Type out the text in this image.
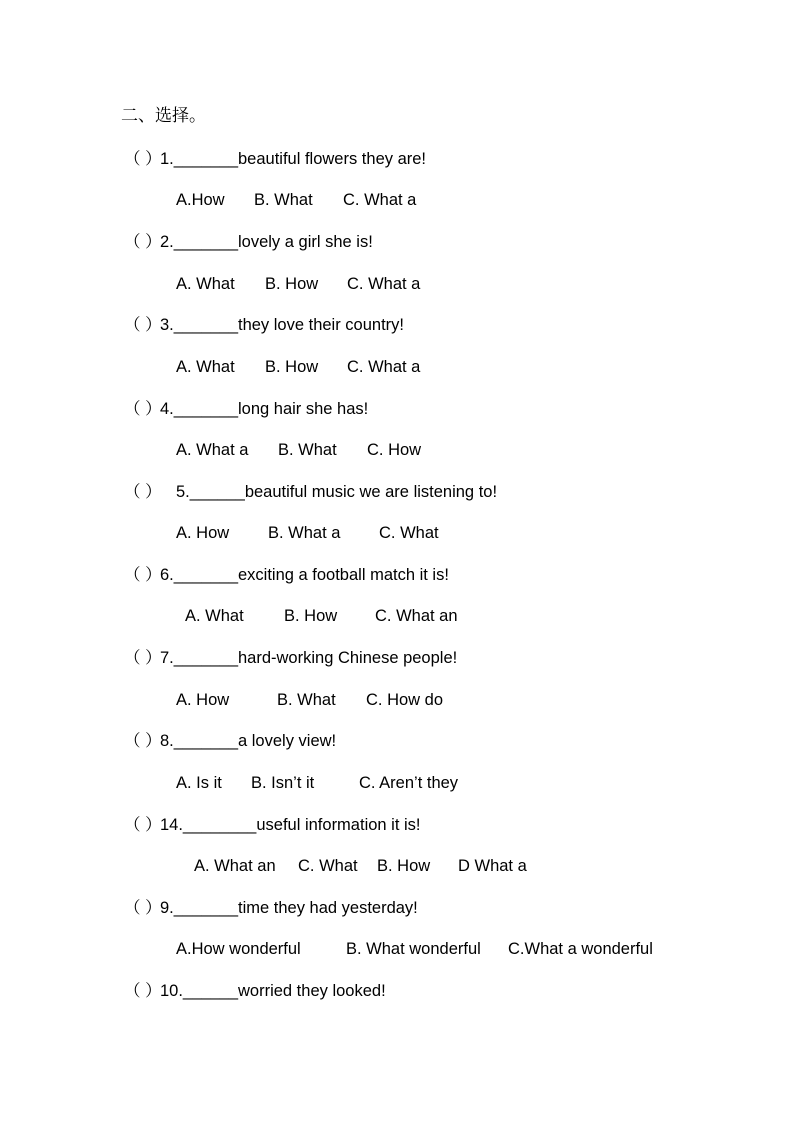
二、选择。
（ ）1._______beautiful flowers they are!
A.How B. What C. What a
（ ）2._______lovely a girl she is!
A. What B. How C. What a
（ ）3._______they love their country!
A. What B. How C. What a
（ ）4._______long hair she has!
A. What a B. What C. How
（ ） 5.______beautiful music we are listening to!
A. How B. What a C. What
（ ）6._______exciting a football match it is!
A. What B. How C. What an
（ ）7._______hard-working Chinese people!
A. How	B. What C. How do
（ ）8._______a lovely view!
A. Is it B. Isn’t it	C. Aren’t they
（ ）14.________useful information it is!
A. What an C. What B. How D What a
（ ）9._______time they had yesterday!
A.How wonderful	B. What wonderful C.What a wonderful
（ ）10.______worried they looked!
